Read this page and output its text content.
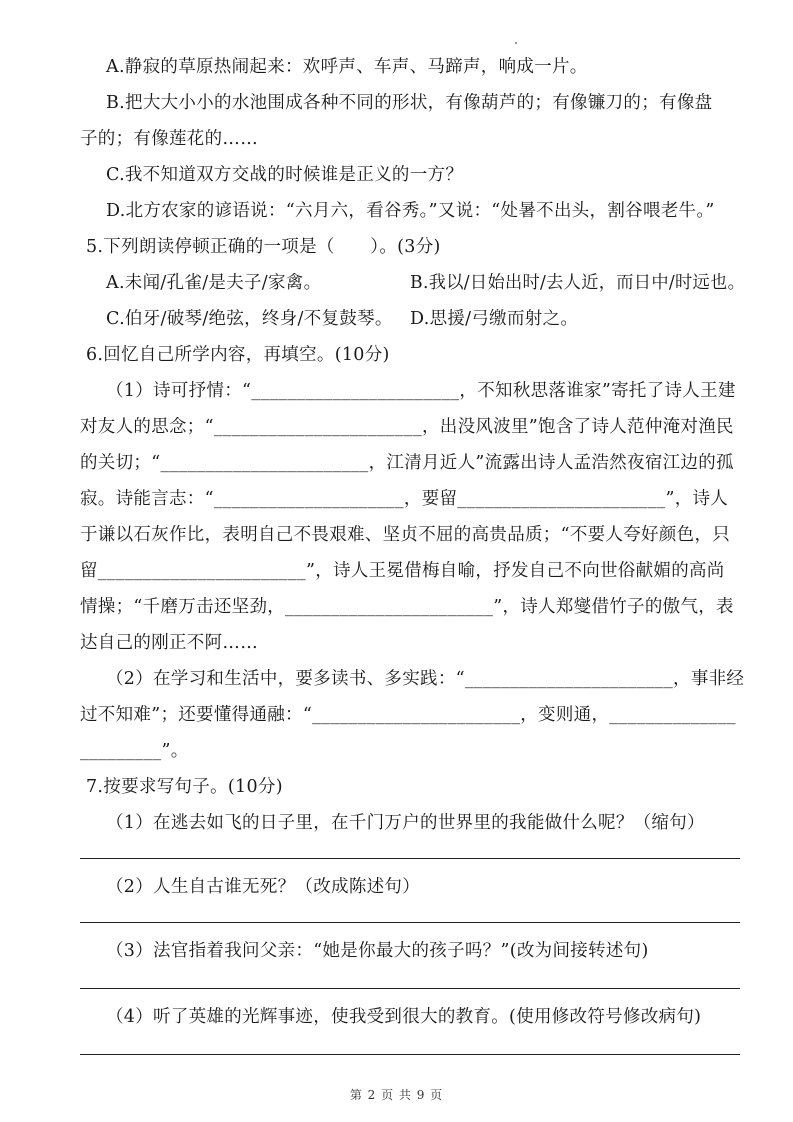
A.静寂的草原热闹起来：欢呼声、车声、马蹄声，响成一片。
B.把大大小小的水池围成各种不同的形状，有像葫芦的；有像镰刀的；有像盘
子的；有像莲花的……
C.我不知道双方交战的时候谁是正义的一方？
D.北方农家的谚语说：“六月六，看谷秀。”又说：“处暑不出头，割谷喂老牛。”
5.下列朗读停顿正确的一项是（　　）。(3分)
A.未闻/孔雀/是夫子/家禽。	B.我以/日始出时/去人近，而日中/时远也。
C.伯牙/破琴/绝弦，终身/不复鼓琴。 D.思援/弓缴而射之。
6.回忆自己所学内容，再填空。(10分)
（1）诗可抒情：“_______________________，不知秋思落谁家”寄托了诗人王建
对友人的思念；“_______________________，出没风波里”饱含了诗人范仲淹对渔民
的关切；“_______________________，江清月近人”流露出诗人孟浩然夜宿江边的孤
寂。诗能言志：“_____________________，要留_______________________”，诗人
于谦以石灰作比，表明自己不畏艰难、坚贞不屈的高贵品质；“不要人夸好颜色，只
留_______________________”，诗人王冕借梅自喻，抒发自己不向世俗献媚的高尚
情操；“千磨万击还坚劲，_______________________”，诗人郑燮借竹子的傲气，表
达自己的刚正不阿……
（2）在学习和生活中，要多读书、多实践：“_______________________，事非经
过不知难”；还要懂得通融：“_______________________，变则通，______________
_________”。
7.按要求写句子。(10分)
（1）在逃去如飞的日子里，在千门万户的世界里的我能做什么呢？（缩句）
（2）人生自古谁无死？（改成陈述句）
（3）法官指着我问父亲：“她是你最大的孩子吗？”(改为间接转述句)
（4）听了英雄的光辉事迹，使我受到很大的教育。(使用修改符号修改病句)
第 2 页 共 9 页
